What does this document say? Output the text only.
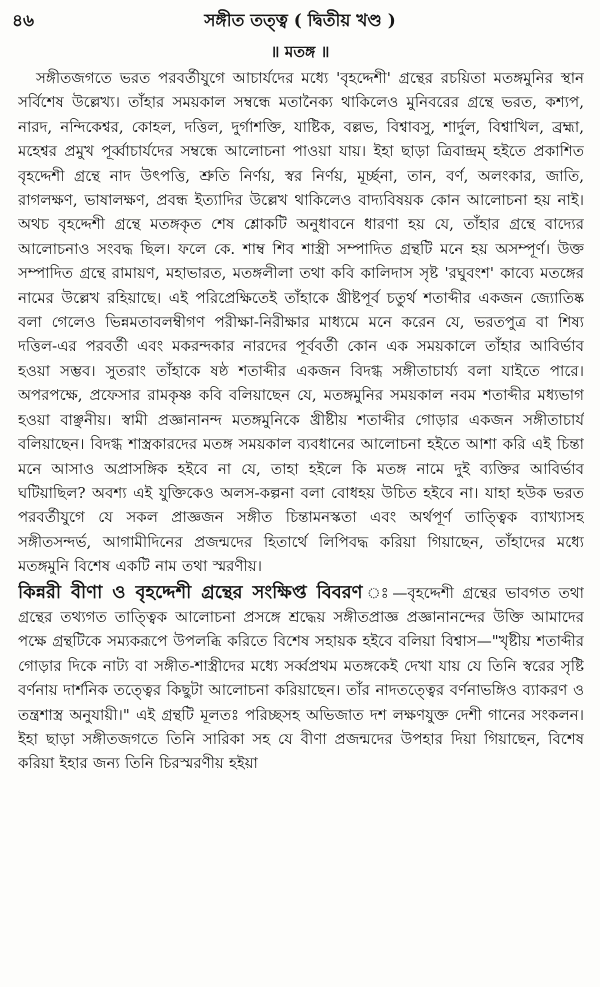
৪৬	সঙ্গীত তত্ত্ব ( দ্বিতীয় খণ্ড )
॥ মতঙ্গ ॥

সঙ্গীতজগতে ভরত পরবর্তীযুগে আচার্যদের মধ্যে 'বৃহদ্দেশী' গ্রন্থের রচয়িতা মতঙ্গমুনির স্থান সর্বিশেষ উল্লেখ্য। তাঁহার সময়কাল সম্বন্ধে মতানৈক্য থাকিলেও মুনিবরের গ্রন্থে ভরত, কশ্যপ, নারদ, নন্দিকেশ্বর, কোহল, দত্তিল, দুর্গাশক্তি, যাষ্টিক, বল্লভ, বিশ্বাবসু, শার্দুল, বিশ্বাখিল, ব্রহ্মা, মহেশ্বর প্রমুখ পূর্ব্বাচার্যদের সম্বন্ধে আলোচনা পাওয়া যায়। ইহা ছাড়া ত্রিবান্দ্রম্ হইতে প্রকাশিত বৃহদ্দেশী গ্রন্থে নাদ উৎপত্তি, শ্রুতি নির্ণয়, স্বর নির্ণয়, মূর্চ্ছনা, তান, বর্ণ, অলংকার, জাতি, রাগলক্ষণ, ভাষালক্ষণ, প্রবন্ধ ইত্যাদির উল্লেখ থাকিলেও বাদ্যবিষয়ক কোন আলোচনা হয় নাই। অথচ বৃহদ্দেশী গ্রন্থে মতঙ্গকৃত শেষ শ্লোকটি অনুধাবনে ধারণা হয় যে, তাঁহার গ্রন্থে বাদ্যের আলোচনাও সংবদ্ধ ছিল। ফলে কে. শাম্ব শিব শাস্ত্রী সম্পাদিত গ্রন্থটি মনে হয় অসম্পূর্ণ। উক্ত সম্পাদিত গ্রন্থে রামায়ণ, মহাভারত, মতঙ্গলীলা তথা কবি কালিদাস সৃষ্ট 'রঘুবংশ' কাব্যে মতঙ্গের নামের উল্লেখ রহিয়াছে। এই পরিপ্রেক্ষিতেই তাঁহাকে খ্রীষ্টপূর্ব চতুর্থ শতাব্দীর একজন জ্যোতিষ্ক বলা গেলেও ভিন্নমতাবলম্বীগণ পরীক্ষা-নিরীক্ষার মাধ্যমে মনে করেন যে, ভরতপুত্র বা শিষ্য দত্তিল-এর পরবর্তী এবং মকরন্দকার নারদের পূর্ববর্তী কোন এক সময়কালে তাঁহার আবির্ভাব হওয়া সম্ভব। সুতরাং তাঁহাকে ষষ্ঠ শতাব্দীর একজন বিদগ্ধ সঙ্গীতাচার্য্য বলা যাইতে পারে। অপরপক্ষে, প্রফেসার রামকৃষ্ণ কবি বলিয়াছেন যে, মতঙ্গমুনির সময়কাল নবম শতাব্দীর মধ্যভাগ হওয়া বাঞ্ছনীয়। স্বামী প্রজ্ঞানানন্দ মতঙ্গমুনিকে খ্রীষ্টীয় শতাব্দীর গোড়ার একজন সঙ্গীতাচার্য বলিয়াছেন। বিদগ্ধ শাস্ত্রকারদের মতঙ্গ সময়কাল ব্যবধানের আলোচনা হইতে আশা করি এই চিন্তা মনে আসাও অপ্রাসঙ্গিক হইবে না যে, তাহা হইলে কি মতঙ্গ নামে দুই ব্যক্তির আবির্ভাব ঘটিয়াছিল? অবশ্য এই যুক্তিকেও অলস-কল্পনা বলা বোধহয় উচিত হইবে না। যাহা হউক ভরত পরবর্তীযুগে যে সকল প্রাজ্ঞজন সঙ্গীত চিন্তামনস্কতা এবং অর্থপূর্ণ তাত্ত্বিক ব্যাখ্যাসহ সঙ্গীতসন্দর্ভ, আগামীদিনের প্রজন্মদের হিতার্থে লিপিবদ্ধ করিয়া গিয়াছেন, তাঁহাদের মধ্যে মতঙ্গমুনি বিশেষ একটি নাম তথা স্মরণীয়।

কিন্নরী বীণা ও বৃহদ্দেশী গ্রন্থের সংক্ষিপ্ত বিবরণ ঃ—বৃহদ্দেশী গ্রন্থের ভাবগত তথা গ্রন্থের তথ্যগত তাত্ত্বিক আলোচনা প্রসঙ্গে শ্রদ্ধেয় সঙ্গীতপ্রাজ্ঞ প্রজ্ঞানানন্দের উক্তি আমাদের পক্ষে গ্রন্থটিকে সম্যকরূপে উপলব্ধি করিতে বিশেষ সহায়ক হইবে বলিয়া বিশ্বাস—"খৃষ্টীয় শতাব্দীর গোড়ার দিকে নাট্য বা সঙ্গীত-শাস্ত্রীদের মধ্যে সর্ব্বপ্রথম মতঙ্গকেই দেখা যায় যে তিনি স্বরের সৃষ্টি বর্ণনায় দার্শনিক তত্ত্বের কিছুটা আলোচনা করিয়াছেন। তাঁর নাদতত্ত্বের বর্ণনাভঙ্গিও ব্যাকরণ ও তন্ত্রশাস্ত্র অনুযায়ী।" এই গ্রন্থটি মূলতঃ পরিচ্ছসহ অভিজাত দশ লক্ষণযুক্ত দেশী গানের সংকলন। ইহা ছাড়া সঙ্গীতজগতে তিনি সারিকা সহ যে বীণা প্রজন্মদের উপহার দিয়া গিয়াছেন, বিশেষ করিয়া ইহার জন্য তিনি চিরস্মরণীয় হইয়া
